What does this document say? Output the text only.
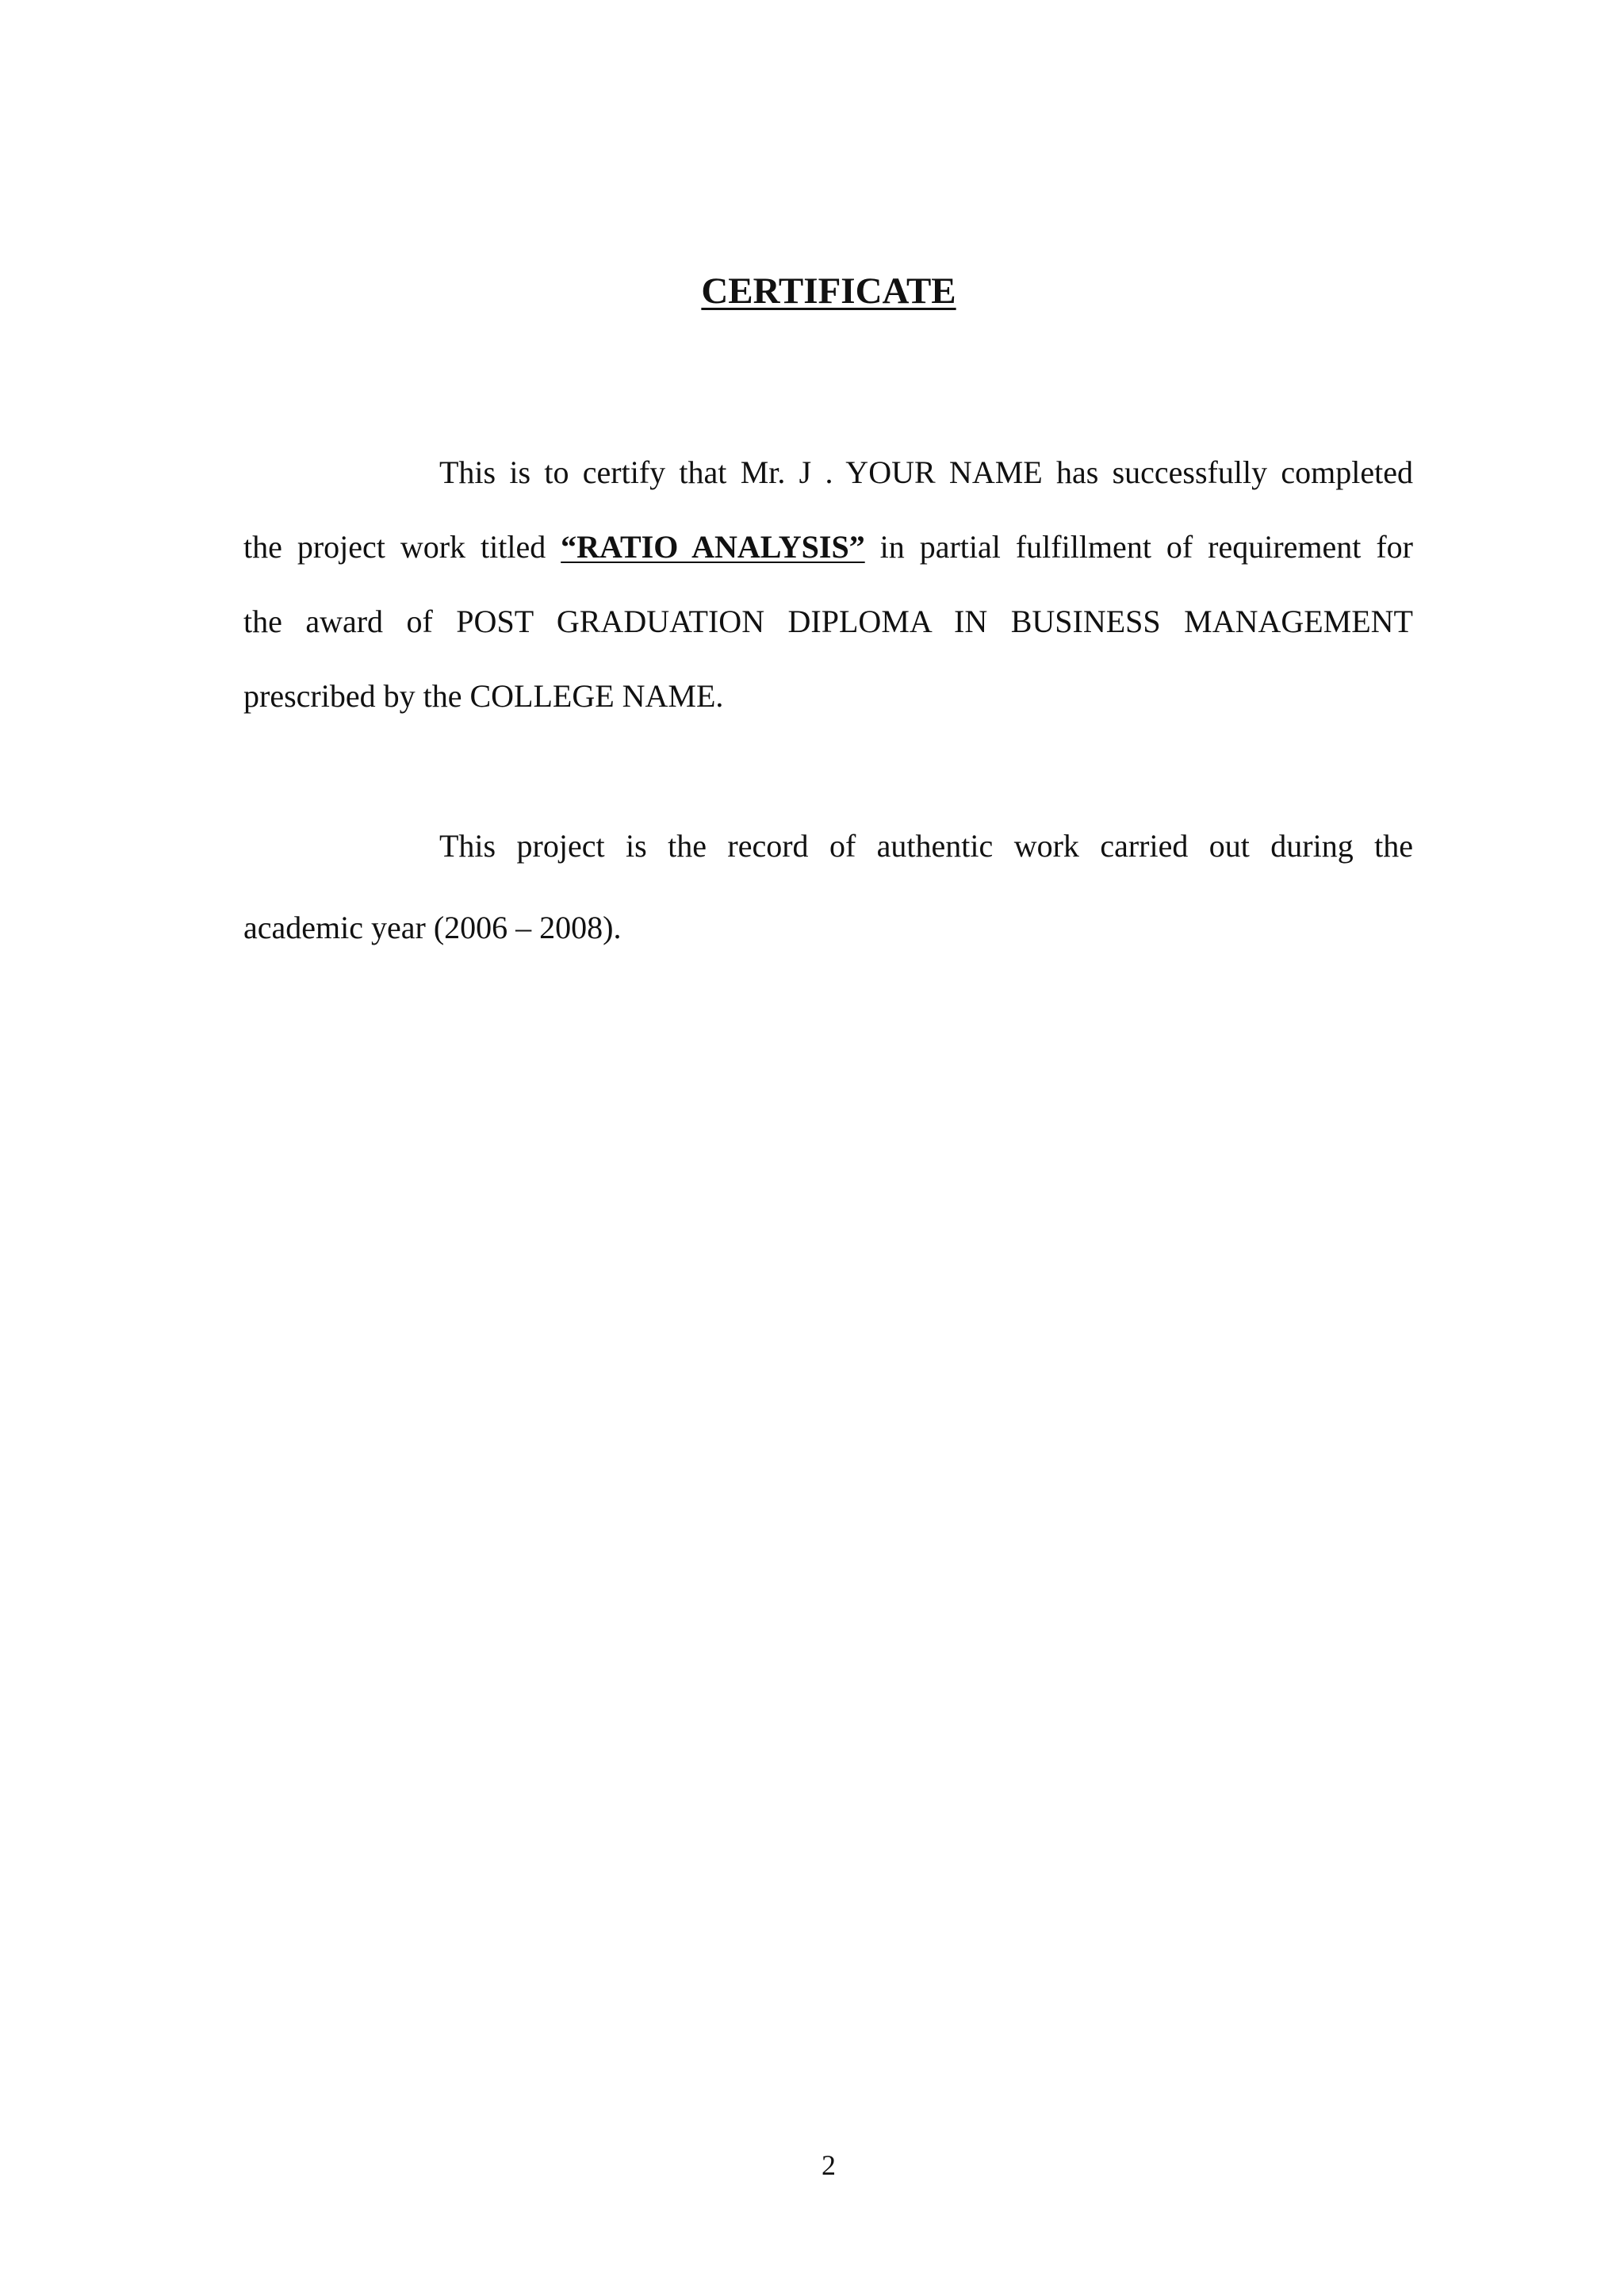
CERTIFICATE
This is to certify that Mr. J . YOUR NAME has successfully completed
the project work titled “RATIO ANALYSIS” in partial fulfillment of requirement for
the award of POST GRADUATION DIPLOMA IN BUSINESS MANAGEMENT
prescribed by the COLLEGE NAME.
This project is the record of authentic work carried out during the
academic year (2006 – 2008).
2
